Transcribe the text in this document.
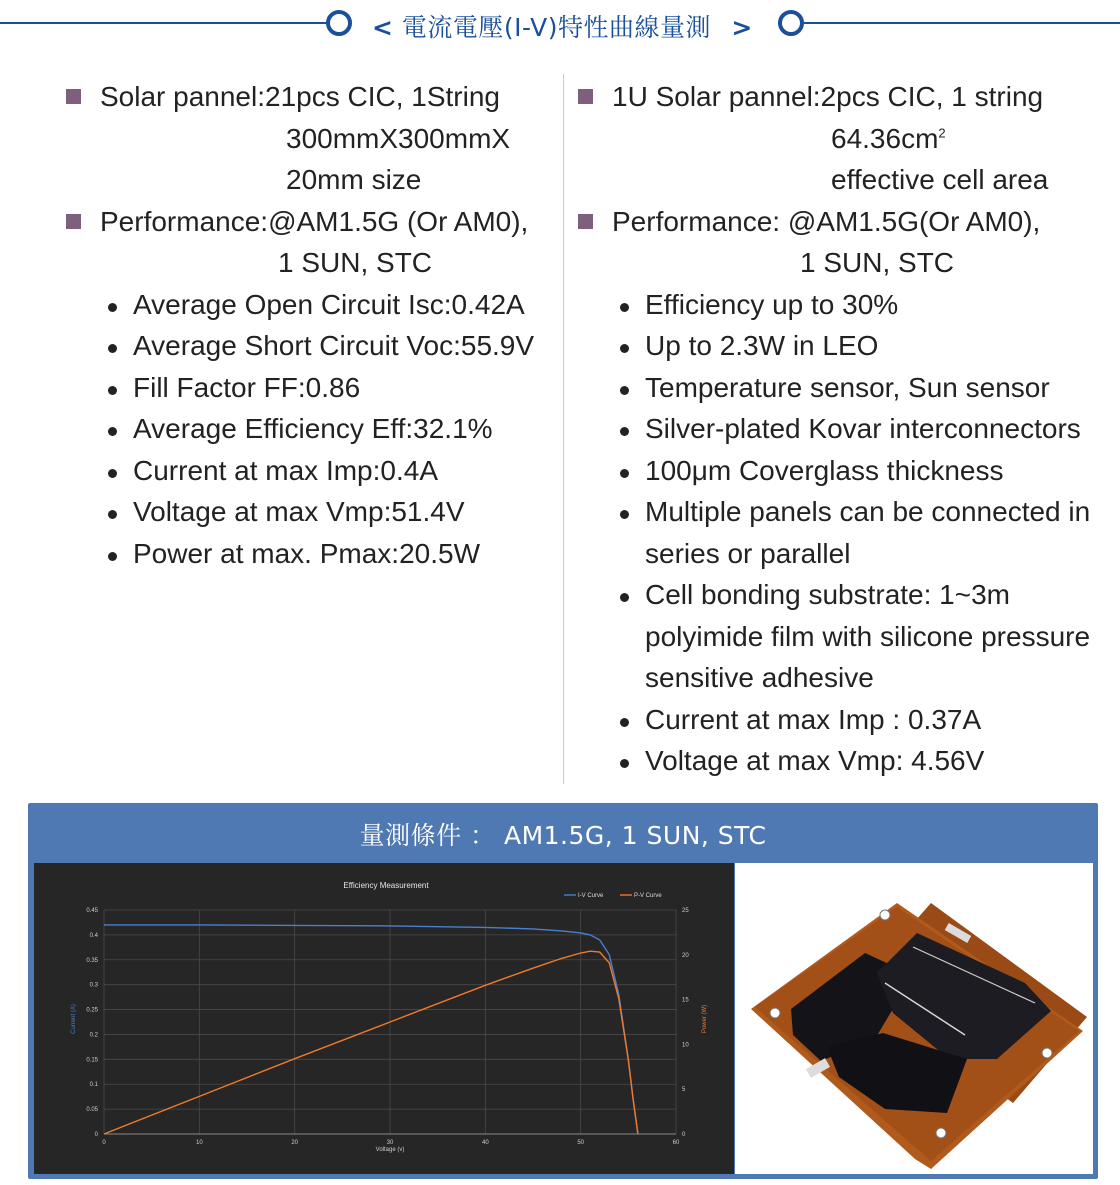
< 電流電壓(I-V)特性曲線量測 >
Solar pannel:21pcs CIC, 1String
300mmX300mmX
20mm size
Performance:@AM1.5G (Or AM0),
1 SUN, STC
Average Open Circuit Isc:0.42A
Average Short Circuit Voc:55.9V
Fill Factor FF:0.86
Average Efficiency Eff:32.1%
Current at max Imp:0.4A
Voltage at max Vmp:51.4V
Power at max. Pmax:20.5W
1U Solar pannel:2pcs CIC, 1 string
$64.36cm^2$
effective cell area
Performance: @AM1.5G(Or AM0),
1 SUN, STC
Efficiency up to 30%
Up to 2.3W in LEO
Temperature sensor, Sun sensor
Silver-plated Kovar interconnectors
100μm Coverglass thickness
Multiple panels can be connected in
series or parallel
Cell bonding substrate: 1~3m
polyimide film with silicone pressure
sensitive adhesive
Current at max Imp : 0.37A
Voltage at max Vmp: 4.56V
量測條件 ： AM1.5G, 1 SUN, STC
0	10	20	30	40	50	60
0
0.05
0.1
0.15
0.2
0.25
0.3
0.35
0.4
0.45
0
5
10
15
20
25
Efficiency Measurement
Voltage (v)
Current (A)	Power (W)
I-V Curve	P-V Curve
